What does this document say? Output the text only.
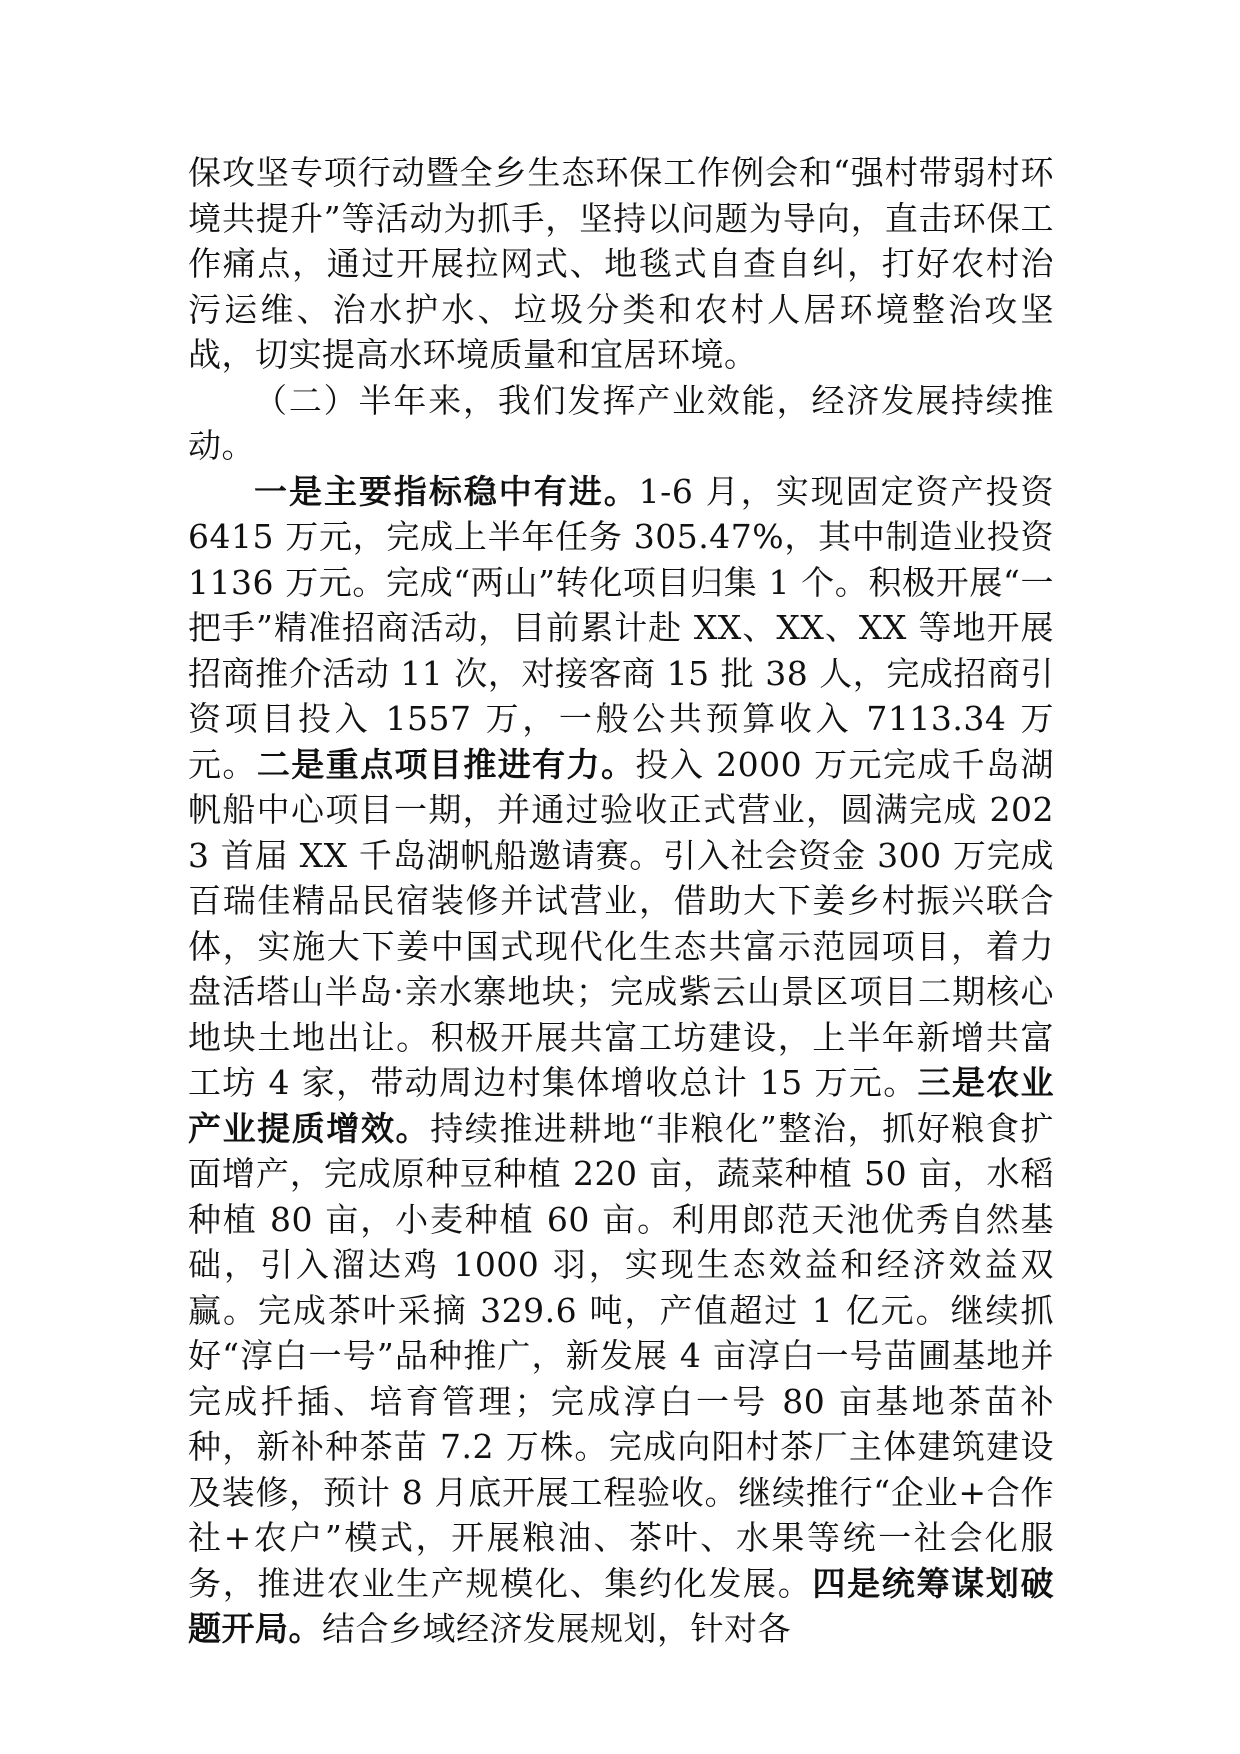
保攻坚专项行动暨全乡生态环保工作例会和“强村带弱村环境共提升”等活动为抓手，坚持以问题为导向，直击环保工作痛点，通过开展拉网式、地毯式自查自纠，打好农村治污运维、治水护水、垃圾分类和农村人居环境整治攻坚战，切实提高水环境质量和宜居环境。

（二）半年来，我们发挥产业效能，经济发展持续推动。

一是主要指标稳中有进。1-6 月，实现固定资产投资 6415 万元，完成上半年任务 305.47%，其中制造业投资 1136 万元。完成“两山”转化项目归集 1 个。积极开展“一把手”精准招商活动，目前累计赴 XX、XX、XX 等地开展招商推介活动 11 次，对接客商 15 批 38 人，完成招商引资项目投入 1557 万，一般公共预算收入 7113.34 万元。二是重点项目推进有力。投入 2000 万元完成千岛湖帆船中心项目一期，并通过验收正式营业，圆满完成 2023 首届 XX 千岛湖帆船邀请赛。引入社会资金 300 万完成百瑞佳精品民宿装修并试营业，借助大下姜乡村振兴联合体，实施大下姜中国式现代化生态共富示范园项目，着力盘活塔山半岛·亲水寨地块；完成紫云山景区项目二期核心地块土地出让。积极开展共富工坊建设，上半年新增共富工坊 4 家，带动周边村集体增收总计 15 万元。三是农业产业提质增效。持续推进耕地“非粮化”整治，抓好粮食扩面增产，完成原种豆种植 220 亩，蔬菜种植 50 亩，水稻种植 80 亩，小麦种植 60 亩。利用郎范天池优秀自然基础，引入溜达鸡 1000 羽，实现生态效益和经济效益双赢。完成茶叶采摘 329.6 吨，产值超过 1 亿元。继续抓好“淳白一号”品种推广，新发展 4 亩淳白一号苗圃基地并完成扦插、培育管理；完成淳白一号 80 亩基地茶苗补种，新补种茶苗 7.2 万株。完成向阳村茶厂主体建筑建设及装修，预计 8 月底开展工程验收。继续推行“企业+合作社+农户”模式，开展粮油、茶叶、水果等统一社会化服务，推进农业生产规模化、集约化发展。四是统筹谋划破题开局。结合乡域经济发展规划，针对各
